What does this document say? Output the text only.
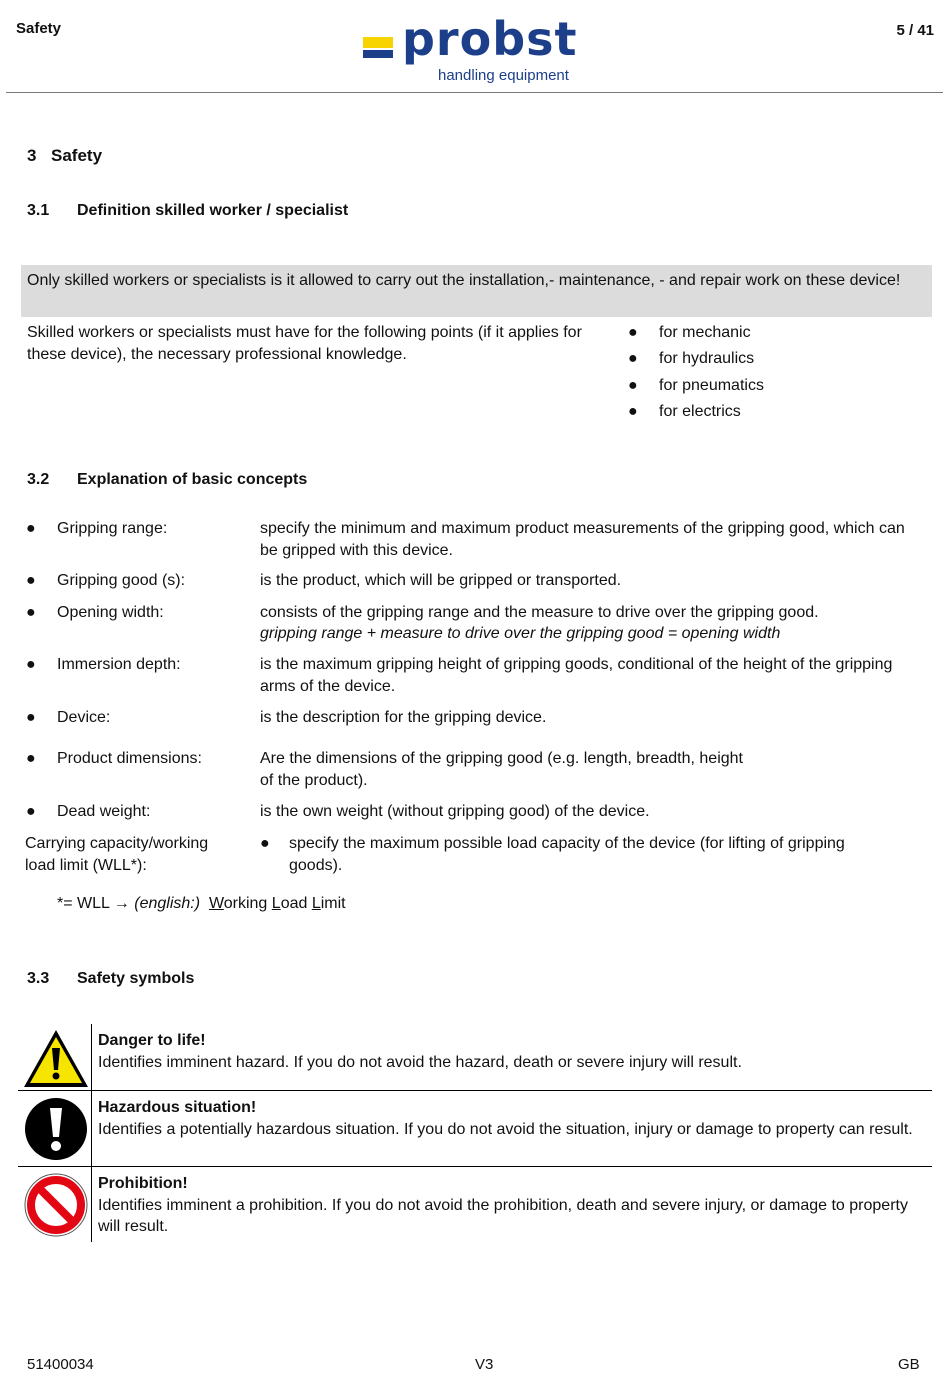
Safety	probst
handling equipment
5 / 41
3 Safety
3.1 Definition skilled worker / specialist
Only skilled workers or specialists is it allowed to carry out the installation,- maintenance, - and repair work on these device!
Skilled workers or specialists must have for the following points (if it applies for these device), the necessary professional knowledge.
● for mechanic
● for hydraulics
● for pneumatics
● for electrics
3.2 Explanation of basic concepts
● Gripping range:	specify the minimum and maximum product measurements of the gripping good, which can be gripped with this device.
● Gripping good (s):	is the product, which will be gripped or transported.
● Opening width:	consists of the gripping range and the measure to drive over the gripping good.
gripping range + measure to drive over the gripping good = opening width
● Immersion depth:	is the maximum gripping height of gripping goods, conditional of the height of the gripping arms of the device.
● Device:	is the description for the gripping device.
● Product dimensions:	Are the dimensions of the gripping good (e.g. length, breadth, height
of the product).
● Dead weight:	is the own weight (without gripping good) of the device.
Carrying capacity/working load limit (WLL*):
● specify the maximum possible load capacity of the device (for lifting of gripping goods).
*= WLL → (english:) Working Load Limit
3.3 Safety symbols
Danger to life!
Identifies imminent hazard. If you do not avoid the hazard, death or severe injury will result.
Hazardous situation!
Identifies a potentially hazardous situation. If you do not avoid the situation, injury or damage to property can result.
Prohibition!
Identifies imminent a prohibition. If you do not avoid the prohibition, death and severe injury, or damage to property will result.
51400034	V3	GB
